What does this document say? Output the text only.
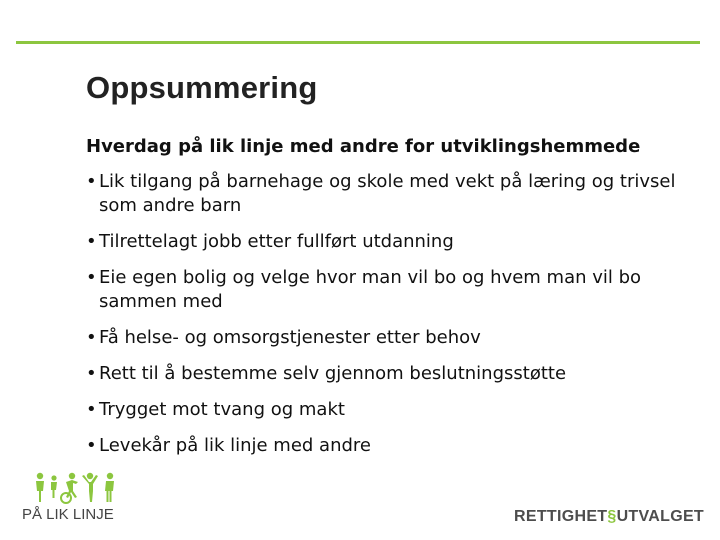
Oppsummering
Hverdag på lik linje med andre for utviklingshemmede
• Lik tilgang på barnehage og skole med vekt på læring og trivsel som andre barn
• Tilrettelagt jobb etter fullført utdanning
• Eie egen bolig og velge hvor man vil bo og hvem man vil bo sammen med
• Få helse- og omsorgstjenester etter behov
• Rett til å bestemme selv gjennom beslutningsstøtte
• Trygget mot tvang og makt
• Levekår på lik linje med andre
PÅ LIK LINJE	RETTIGHET§UTVALGET
